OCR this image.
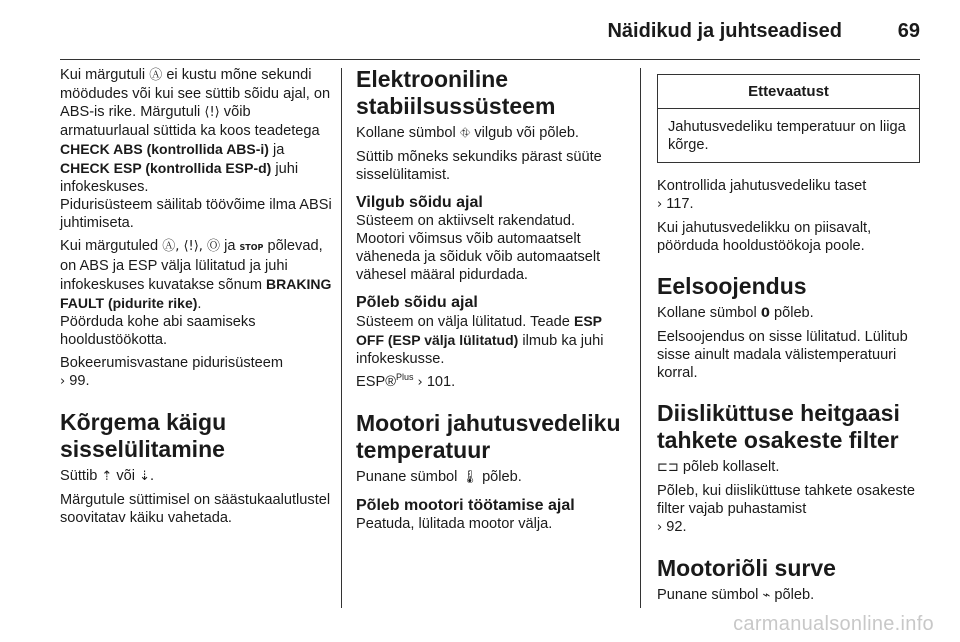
Näidikud ja juhtseadised	69

Kui märgutuli Ⓐ ei kustu mõne sekundi möödudes või kui see süttib sõidu ajal, on ABS-is rike. Märgutuli ⟨!⟩ võib armatuurlaual süttida ka koos teadetega CHECK ABS (kontrollida ABS-i) ja CHECK ESP (kontrollida ESP-d) juhi infokeskuses.
Pidurisüsteem säilitab töövõime ilma ABSi juhtimiseta.

Kui märgutuled Ⓐ, ⟨!⟩, Ⓞ ja STOP põlevad, on ABS ja ESP välja lülitatud ja juhi infokeskuses kuvatakse sõnum BRAKING FAULT (pidurite rike).
Pöörduda kohe abi saamiseks hooldustöökotta.

Bokeerumisvastane pidurisüsteem
› 99.

Kõrgema käigu sisselülitamine

Süttib ⇡ või ⇣.

Märgutule süttimisel on säästukaalutlustel soovitatav käiku vahetada.

Elektrooniline stabiilsussüsteem

Kollane sümbol ⛗ vilgub või põleb.

Süttib mõneks sekundiks pärast süüte sisselülitamist.

Vilgub sõidu ajal

Süsteem on aktiivselt rakendatud. Mootori võimsus võib automaatselt väheneda ja sõiduk võib automaatselt vähesel määral pidurdada.

Põleb sõidu ajal

Süsteem on välja lülitatud. Teade ESP OFF (ESP välja lülitatud) ilmub ka juhi infokeskusse.

ESP®$^{Plus}$ › 101.

Mootori jahutusvedeliku temperatuur

Punane sümbol 🌡 põleb.

Põleb mootori töötamise ajal

Peatuda, lülitada mootor välja.

Ettevaatust
Jahutusvedeliku temperatuur on liiga kõrge.

Kontrollida jahutusvedeliku taset
› 117.

Kui jahutusvedelikku on piisavalt, pöörduda hooldustöökoja poole.

Eelsoojendus

Kollane sümbol 𝟬 põleb.

Eelsoojendus on sisse lülitatud. Lülitub sisse ainult madala välistemperatuuri korral.

Diisliküttuse heitgaasi tahkete osakeste filter

⊏⊐ põleb kollaselt.

Põleb, kui diisliküttuse tahkete osakeste filter vajab puhastamist
› 92.

Mootoriõli surve

Punane sümbol ⌁ põleb.

carmanualsonline.info
